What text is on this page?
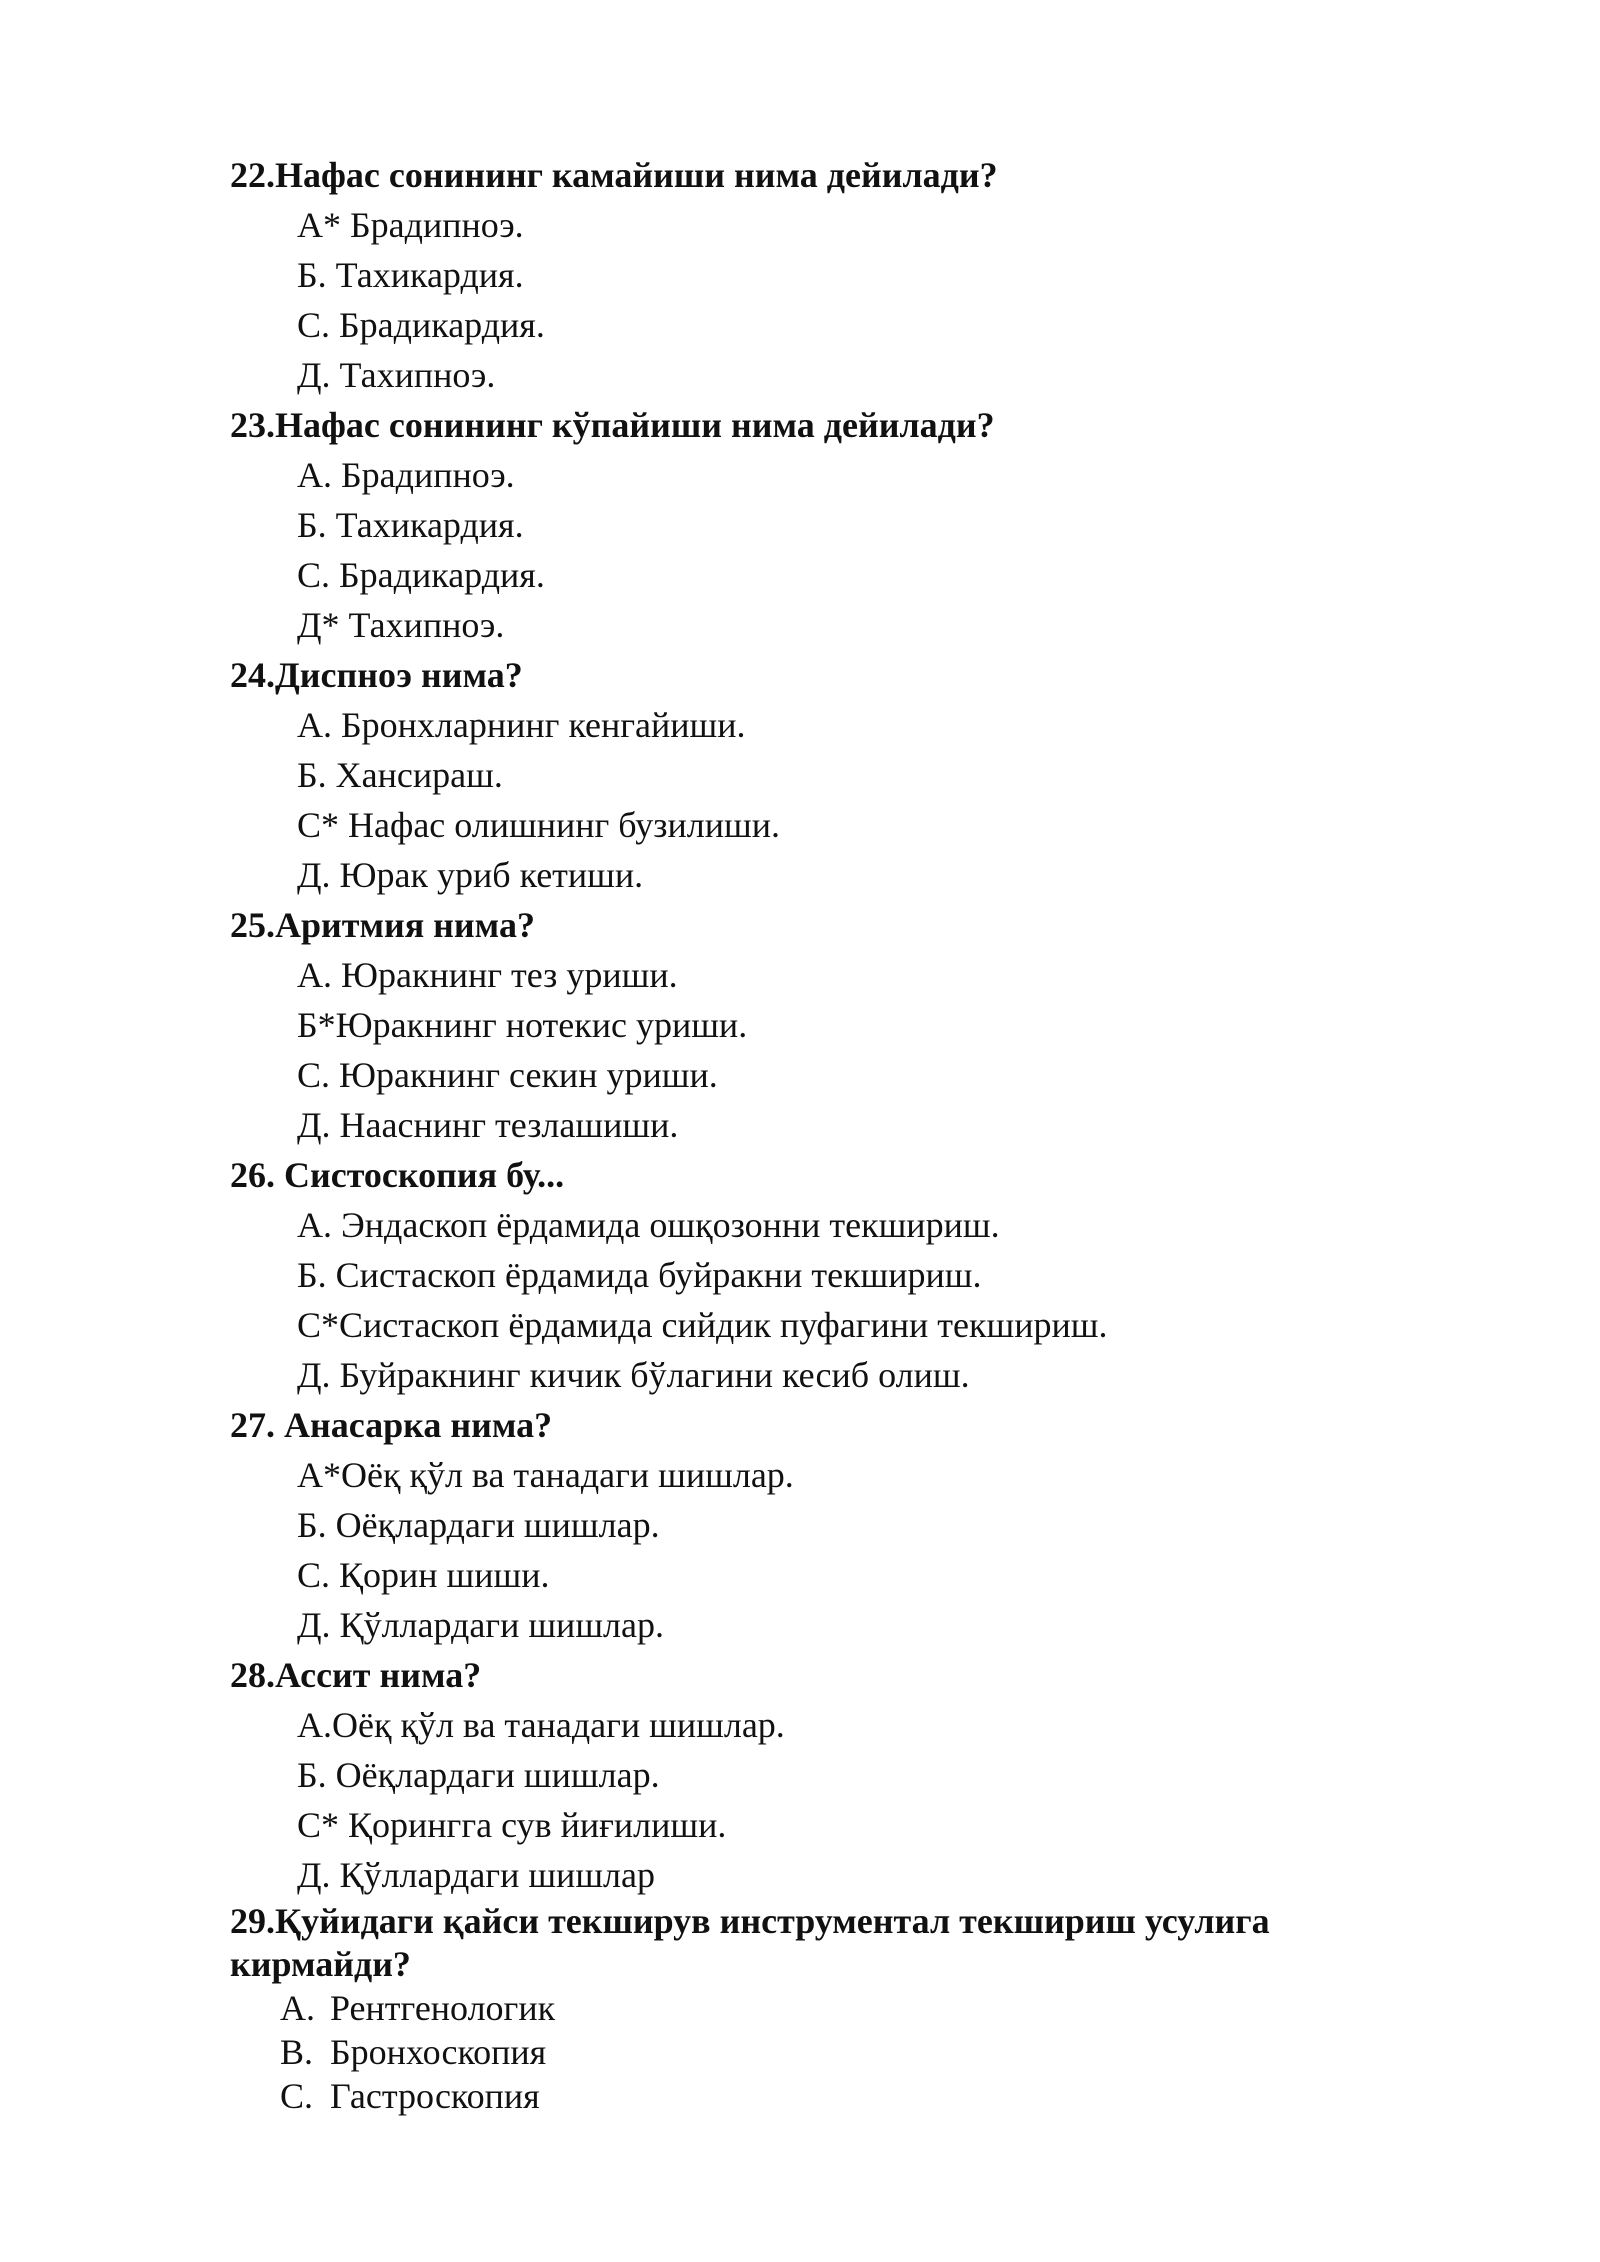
22.Нафас сонининг камайиши нима дейилади?
А* Брадипноэ.
Б. Тахикардия.
С. Брадикардия.
Д. Тахипноэ.
23.Нафас сонининг кўпайиши нима дейилади?
А. Брадипноэ.
Б. Тахикардия.
С. Брадикардия.
Д* Тахипноэ.
24.Диспноэ нима?
А. Бронхларнинг кенгайиши.
Б. Хансираш.
С* Нафас олишнинг бузилиши.
Д. Юрак уриб кетиши.
25.Аритмия нима?
А. Юракнинг тез уриши.
Б*Юракнинг нотекис уриши.
С. Юракнинг секин уриши.
Д. Нааснинг тезлашиши.
26. Систоскопия бу...
А. Эндаскоп ёрдамида ошқозонни текшириш.
Б. Систаскоп ёрдамида буйракни текшириш.
С*Систаскоп ёрдамида сийдик пуфагини текшириш.
Д. Буйракнинг кичик бўлагини кесиб олиш.
27. Анасарка нима?
А*Оёқ қўл ва танадаги шишлар.
Б. Оёқлардаги шишлар.
С. Қорин шиши.
Д. Қўллардаги шишлар.
28.Ассит нима?
А.Оёқ қўл ва танадаги шишлар.
Б. Оёқлардаги шишлар.
С* Қорингга сув йиғилиши.
Д. Қўллардаги шишлар
29.Қуйидаги қайси текширув инструментал текшириш усулига
кирмайди?
A. Рентгенологик
B. Бронхоскопия
C. Гастроскопия
